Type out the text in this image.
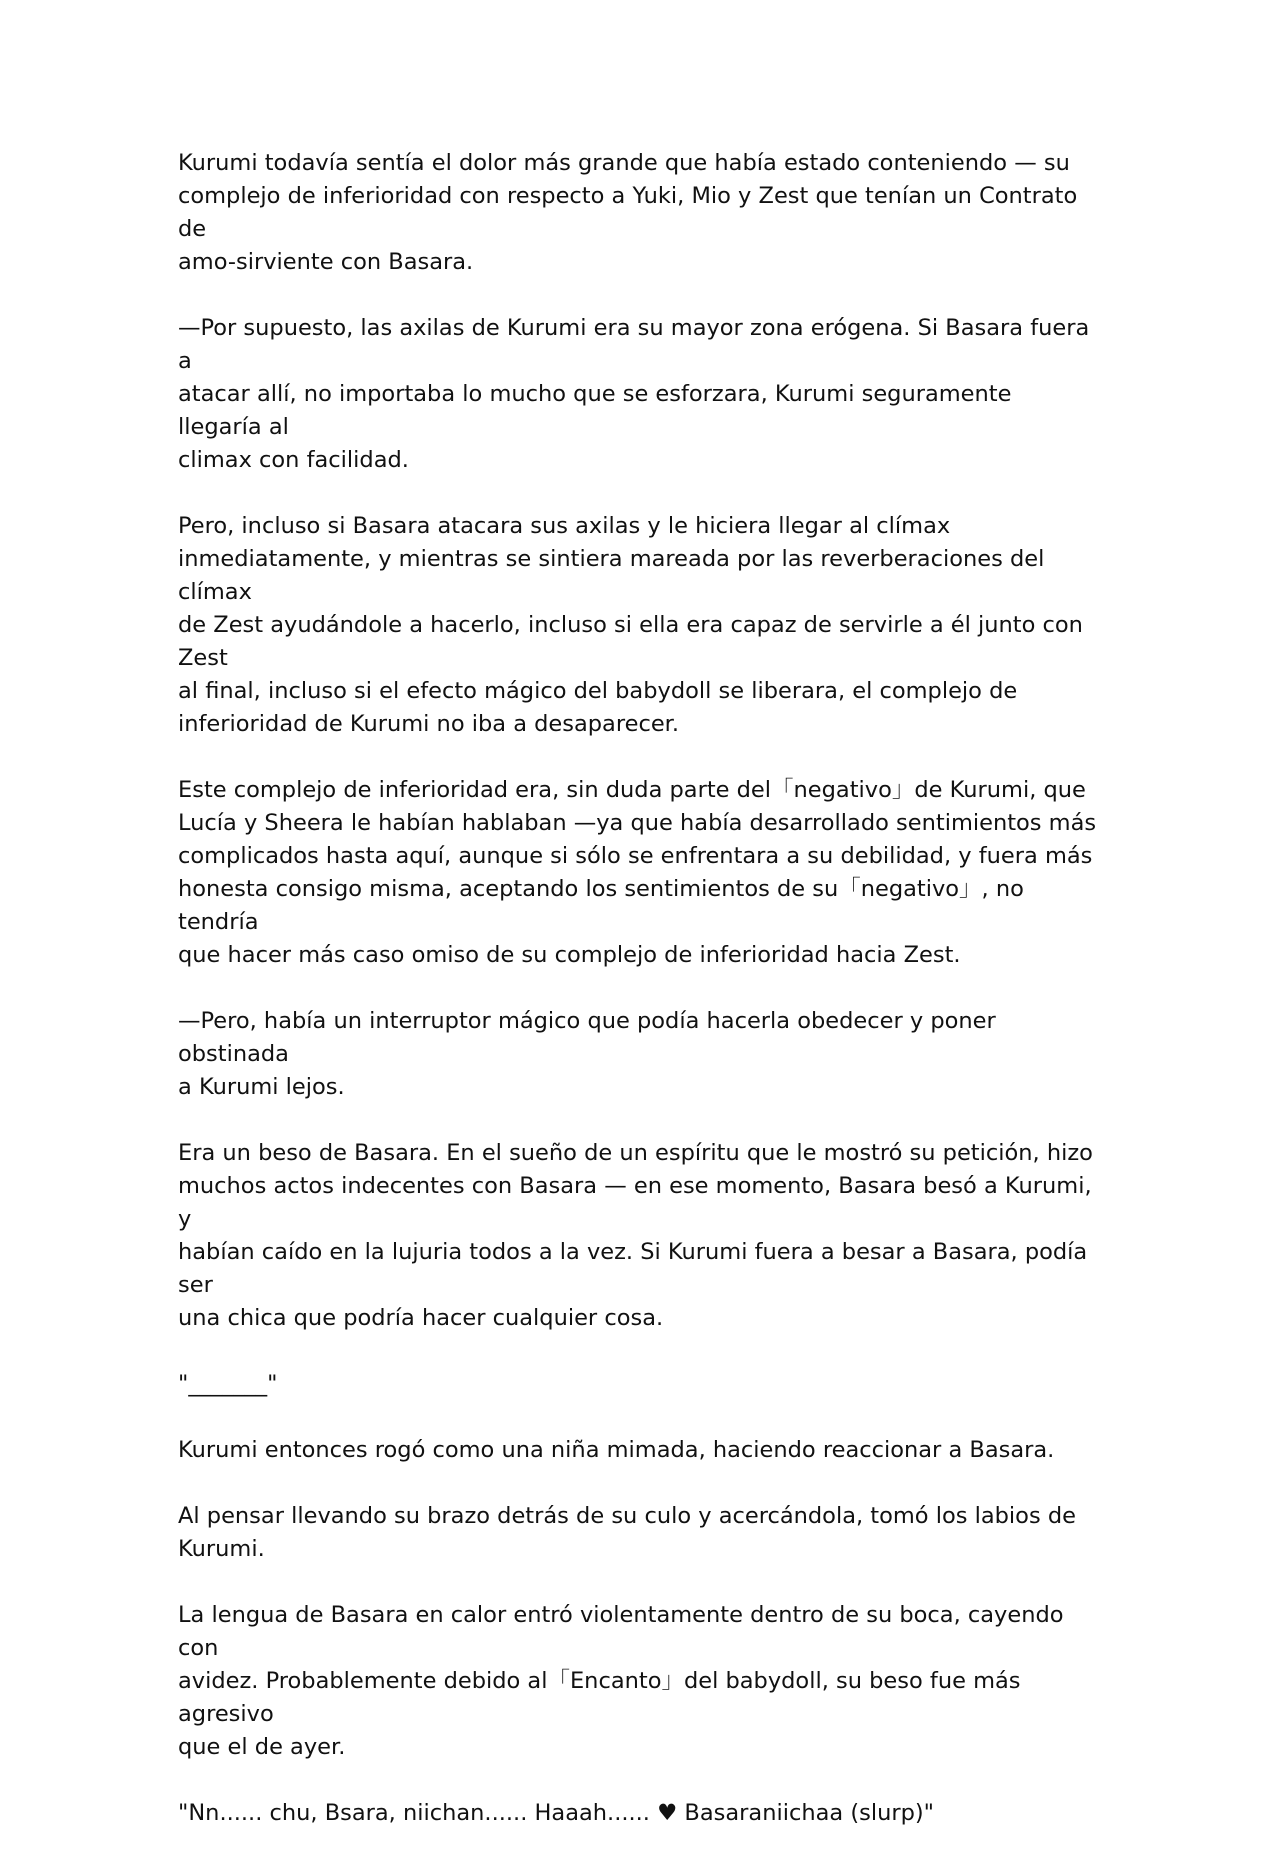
Kurumi todavía sentía el dolor más grande que había estado conteniendo — su
complejo de inferioridad con respecto a Yuki, Mio y Zest que tenían un Contrato de
amo-sirviente con Basara.

—Por supuesto, las axilas de Kurumi era su mayor zona erógena. Si Basara fuera a
atacar allí, no importaba lo mucho que se esforzara, Kurumi seguramente llegaría al
climax con facilidad.

Pero, incluso si Basara atacara sus axilas y le hiciera llegar al clímax
inmediatamente, y mientras se sintiera mareada por las reverberaciones del clímax
de Zest ayudándole a hacerlo, incluso si ella era capaz de servirle a él junto con Zest
al final, incluso si el efecto mágico del babydoll se liberara, el complejo de
inferioridad de Kurumi no iba a desaparecer.

Este complejo de inferioridad era, sin duda parte del「negativo」de Kurumi, que
Lucía y Sheera le habían hablaban —ya que había desarrollado sentimientos más
complicados hasta aquí, aunque si sólo se enfrentara a su debilidad, y fuera más
honesta consigo misma, aceptando los sentimientos de su「negativo」, no tendría
que hacer más caso omiso de su complejo de inferioridad hacia Zest.

—Pero, había un interruptor mágico que podía hacerla obedecer y poner obstinada
a Kurumi lejos.

Era un beso de Basara. En el sueño de un espíritu que le mostró su petición, hizo
muchos actos indecentes con Basara — en ese momento, Basara besó a Kurumi, y
habían caído en la lujuria todos a la vez. Si Kurumi fuera a besar a Basara, podía ser
una chica que podría hacer cualquier cosa.

"_______"

Kurumi entonces rogó como una niña mimada, haciendo reaccionar a Basara.

Al pensar llevando su brazo detrás de su culo y acercándola, tomó los labios de
Kurumi.

La lengua de Basara en calor entró violentamente dentro de su boca, cayendo con
avidez. Probablemente debido al「Encanto」del babydoll, su beso fue más agresivo
que el de ayer.

"Nn...... chu, Bsara, niichan...... Haaah...... ♥ Basaraniichaa (slurp)"
